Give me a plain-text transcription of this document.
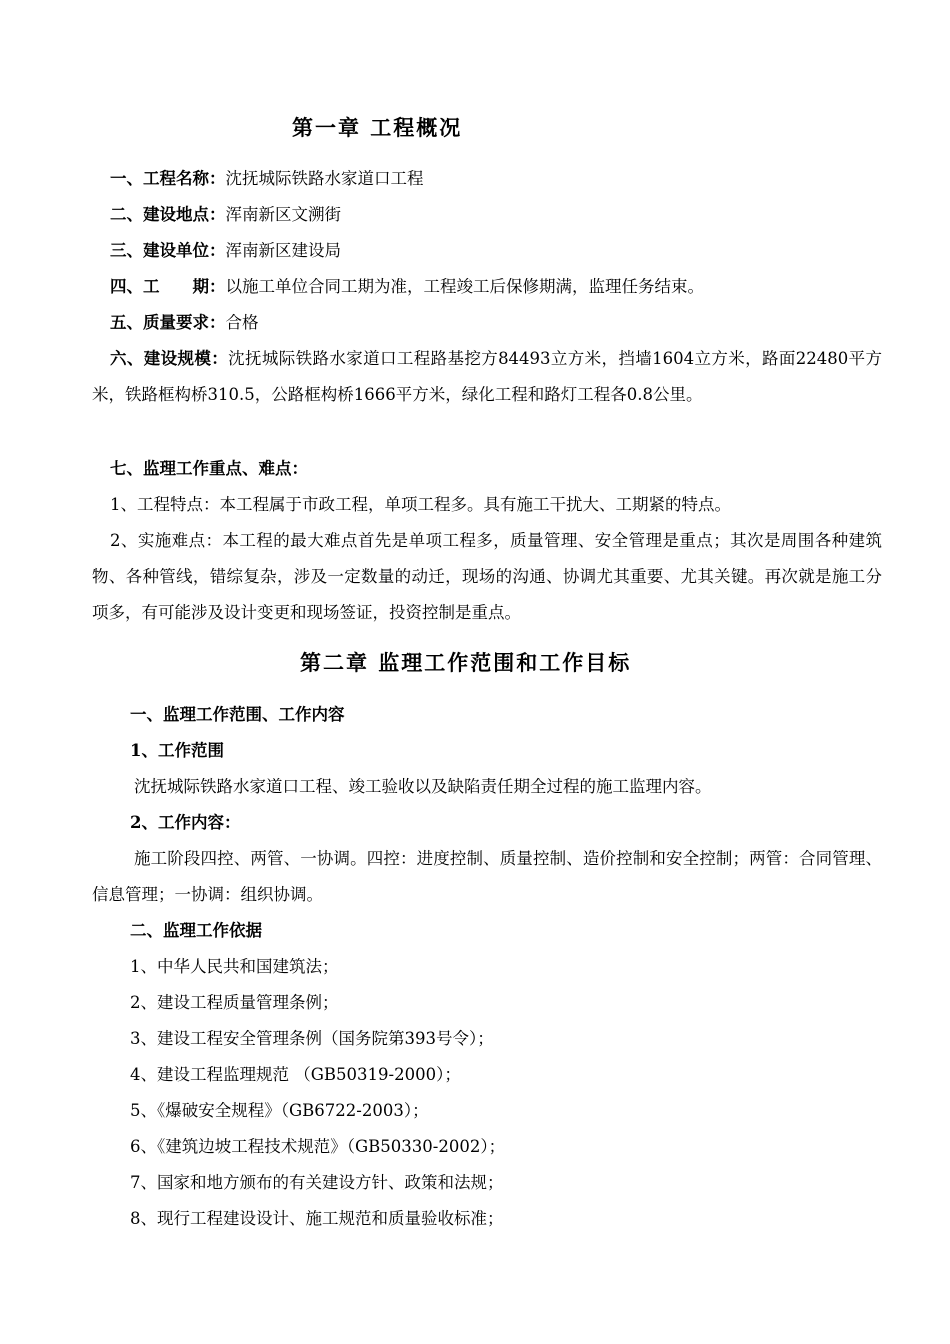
第一章 工程概况
一、工程名称：沈抚城际铁路水家道口工程
二、建设地点：浑南新区文溯街
三、建设单位：浑南新区建设局
四、工　　期：以施工单位合同工期为准，工程竣工后保修期满，监理任务结束。
五、质量要求：合格
六、建设规模：沈抚城际铁路水家道口工程路基挖方84493立方米，挡墙1604立方米，路面22480平方米，铁路框构桥310.5，公路框构桥1666平方米，绿化工程和路灯工程各0.8公里。
七、监理工作重点、难点：
1、工程特点：本工程属于市政工程，单项工程多。具有施工干扰大、工期紧的特点。
2、实施难点：本工程的最大难点首先是单项工程多，质量管理、安全管理是重点；其次是周围各种建筑物、各种管线，错综复杂，涉及一定数量的动迁，现场的沟通、协调尤其重要、尤其关键。再次就是施工分项多，有可能涉及设计变更和现场签证，投资控制是重点。
第二章 监理工作范围和工作目标
一、监理工作范围、工作内容
1、工作范围
沈抚城际铁路水家道口工程、竣工验收以及缺陷责任期全过程的施工监理内容。
2、工作内容：
施工阶段四控、两管、一协调。四控：进度控制、质量控制、造价控制和安全控制；两管：合同管理、信息管理；一协调：组织协调。
二、监理工作依据
1、中华人民共和国建筑法；
2、建设工程质量管理条例；
3、建设工程安全管理条例（国务院第393号令）；
4、建设工程监理规范 （GB50319-2000）；
5、《爆破安全规程》（GB6722-2003）；
6、《建筑边坡工程技术规范》（GB50330-2002）；
7、国家和地方颁布的有关建设方针、政策和法规；
8、现行工程建设设计、施工规范和质量验收标准；
